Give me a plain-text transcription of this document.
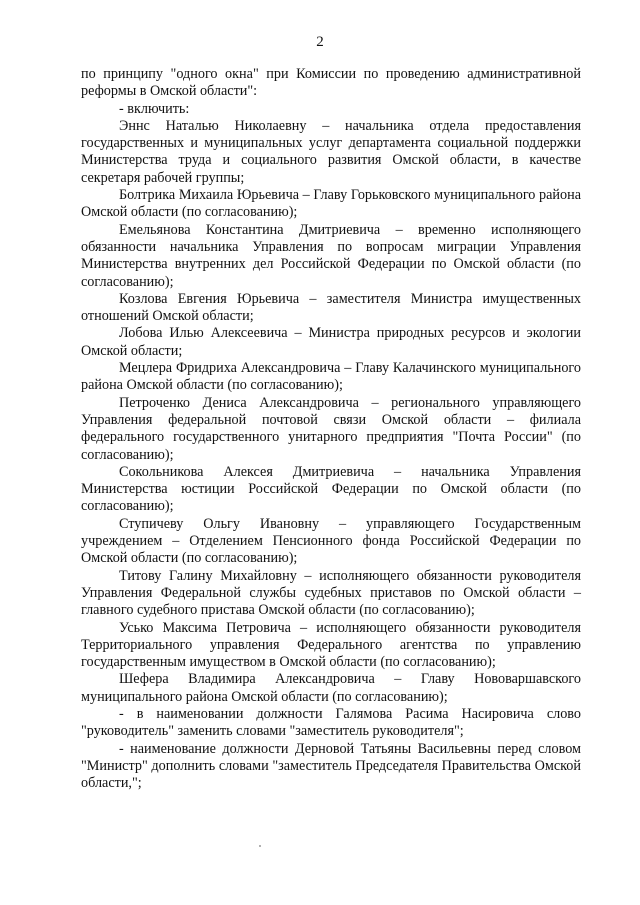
2

по принципу "одного окна" при Комиссии по проведению административной реформы в Омской области":

- включить:

Эннс Наталью Николаевну – начальника отдела предоставления государственных и муниципальных услуг департамента социальной поддержки Министерства труда и социального развития Омской области, в качестве секретаря рабочей группы;

Болтрика Михаила Юрьевича – Главу Горьковского муниципального района Омской области (по согласованию);

Емельянова Константина Дмитриевича – временно исполняющего обязанности начальника Управления по вопросам миграции Управления Министерства внутренних дел Российской Федерации по Омской области (по согласованию);

Козлова Евгения Юрьевича – заместителя Министра имущественных отношений Омской области;

Лобова Илью Алексеевича – Министра природных ресурсов и экологии Омской области;

Мецлера Фридриха Александровича – Главу Калачинского муниципального района Омской области (по согласованию);

Петроченко Дениса Александровича – регионального управляющего Управления федеральной почтовой связи Омской области – филиала федерального государственного унитарного предприятия "Почта России" (по согласованию);

Сокольникова Алексея Дмитриевича – начальника Управления Министерства юстиции Российской Федерации по Омской области (по согласованию);

Ступичеву Ольгу Ивановну – управляющего Государственным учреждением – Отделением Пенсионного фонда Российской Федерации по Омской области (по согласованию);

Титову Галину Михайловну – исполняющего обязанности руководителя Управления Федеральной службы судебных приставов по Омской области – главного судебного пристава Омской области (по согласованию);

Усько Максима Петровича – исполняющего обязанности руководителя Территориального управления Федерального агентства по управлению государственным имуществом в Омской области (по согласованию);

Шефера Владимира Александровича – Главу Нововаршавского муниципального района Омской области (по согласованию);

- в наименовании должности Галямова Расима Насировича слово "руководитель" заменить словами "заместитель руководителя";

- наименование должности Дерновой Татьяны Васильевны перед словом "Министр" дополнить словами "заместитель Председателя Правительства Омской области,";
